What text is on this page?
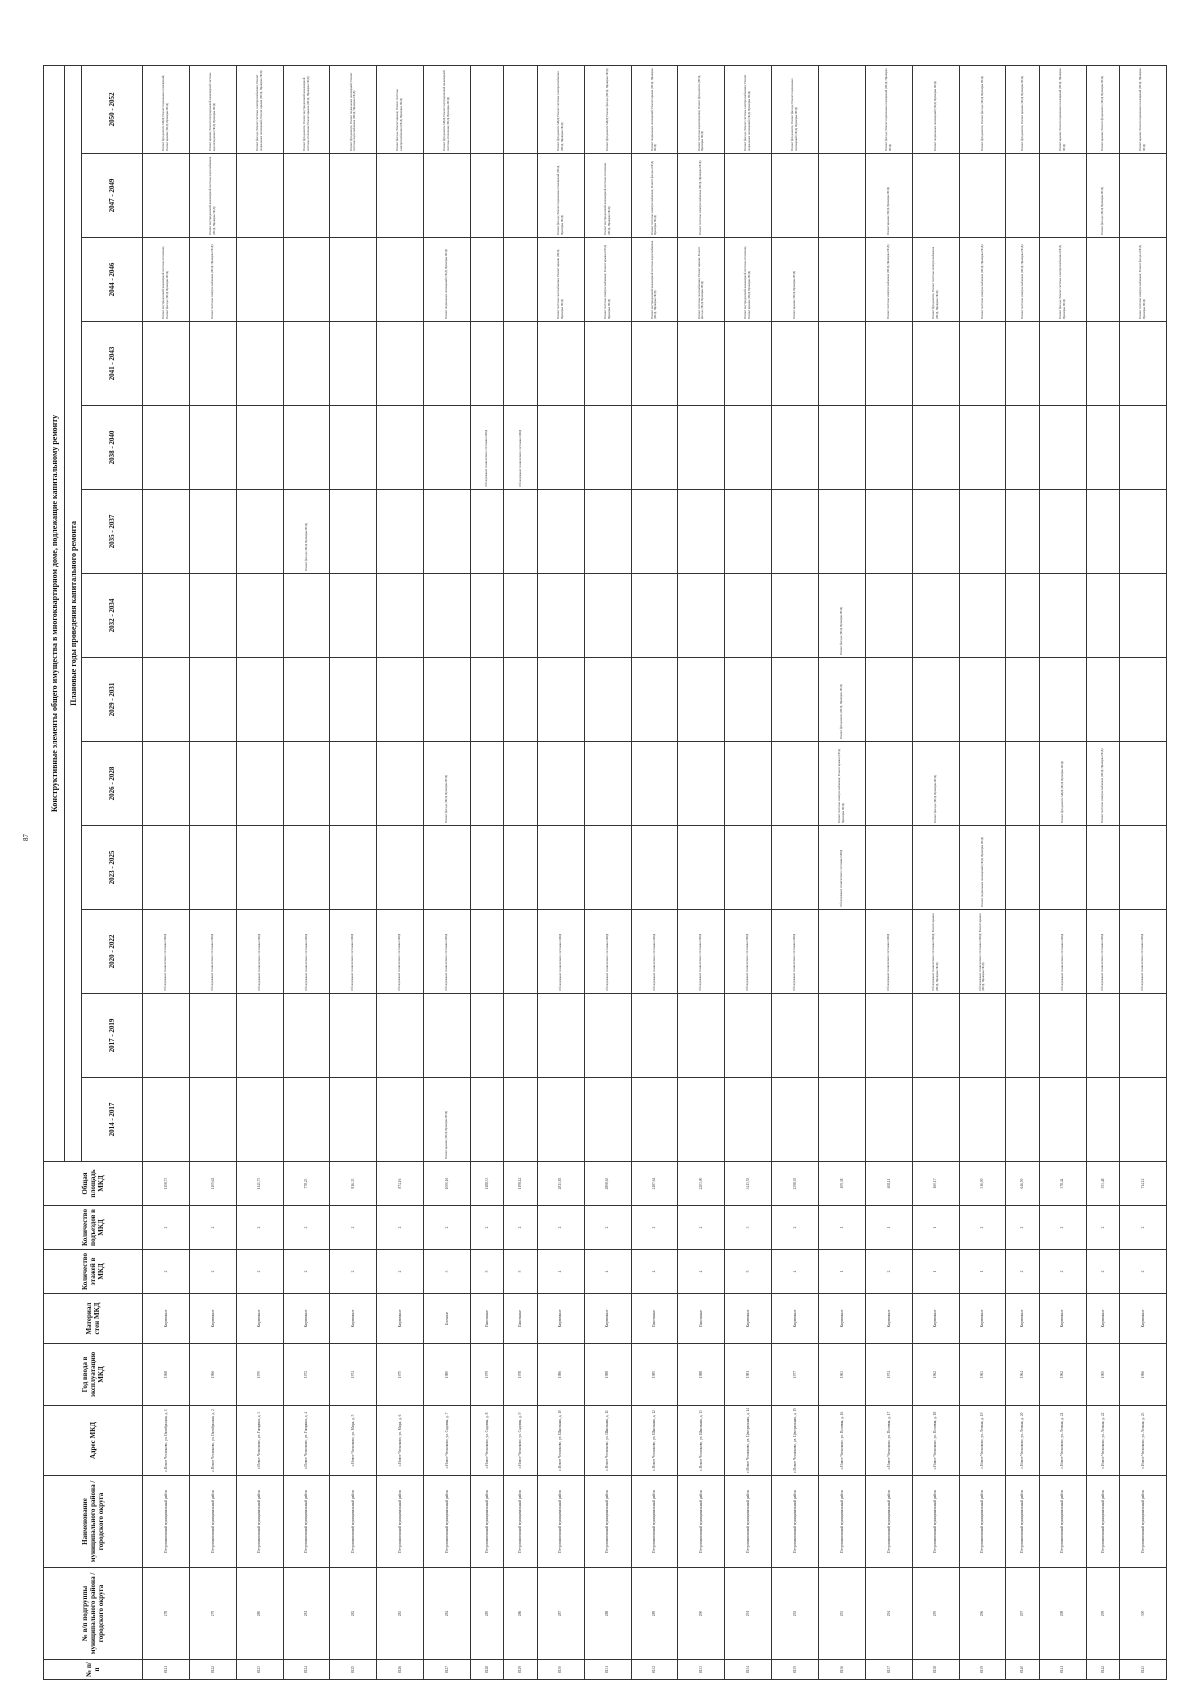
87
№ п/п	№ в/п подгруппы муниципального района / городского округа	Наименование муниципального района / городского округа	Адрес МКД	Год ввода в эксплуатацию МКД	Материал стен МКД	Количество этажей в МКД	Количество подъездов в МКД	Общая площадь МКД	Конструктивные элементы общего имущества в многоквартирном доме, подлежащие капитальному ремонту												
									Плановые годы проведения капитального ремонта												
									2014 - 2017	2017 - 2019	2020 - 2022	2023 - 2025	2026 - 2028	2029 - 2031	2032 - 2034	2035 - 2037	2038 - 2040	2041 - 2043	2044 - 2046	2047 - 2049	2050 - 2052
8121	278	Петропавловский муниципальный район	с.Новое Чесноково, ул. Октябрьская, д. 1	1968	Кирпичные	2	2	1158,73			Обследование технического состояния МКД								Ремонт внутридомовой инженерной системы отопления; Ремонт фасада (ПСД, Проверка ПСД)		Ремонт фундамента МКД; Ремонт подвальных помещений; Ремонт крыши (ПСД, Проверка ПСД)
8122	279	Петропавловский муниципальный район	с.Новое Чесноково, ул. Октябрьская, д. 2	1966	Кирпичные	2	2	1105,62			Обследование технического состояния МКД								Ремонт системы электроснабжения (ПСД, Проверка ПСД)	Ремонт внутридомовой инженерной системы водоснабжения (ПСД, Проверка ПСД)	Ремонт крыши; Ремонт внутридомовой инженерной системы водоотведения (ПСД, Проверка ПСД)
8123	280	Петропавловский муниципальный район	с.Новое Чесноково, ул. Гагарина, д. 3	1970	Кирпичные	2	2	1141,73			Обследование технического состояния МКД										Ремонт фасада; Ремонт системы электроснабжения; Ремонт подвальных помещений; Ремонт крыши (ПСД, Проверка ПСД)
8124	281	Петропавловский муниципальный район	с.Новое Чесноково, ул. Гагарина, д. 4	1972	Кирпичные	2	2	778,23			Обследование технического состояния МКД					Ремонт фасада (ПСД, Проверка ПСД)					Ремонт фундамента; Ремонт внутридомовой инженерной системы отопления; Ремонт крыши (ПСД, Проверка ПСД)
8125	282	Петропавловский муниципальный район	с.Новое Чесноково, ул. Мира, д. 5	1974	Кирпичные	2	2	816,33			Обследование технического состояния МКД										Ремонт фундамента; Ремонт подвальных помещений; Ремонт системы водоснабжения (ПСД, Проверка ПСД)
8126	283	Петропавловский муниципальный район	с.Новое Чесноково, ул. Мира, д. 6	1975	Кирпичные	2	2	874,16			Обследование технического состояния МКД										Ремонт фасада; Ремонт крыши; Ремонт системы электроснабжения (ПСД, Проверка ПСД)
8127	284	Петропавловский муниципальный район	с.Новое Чесноково, ул. Садовая, д. 7	1980	Блочные	3	2	1000,16	Ремонт крыши (ПСД, Проверка ПСД)		Обследование технического состояния МКД		Ремонт фасада (ПСД, Проверка ПСД)						Ремонт подвальных помещений (ПСД, Проверка ПСД)		Ремонт фундамента МКД; Ремонт внутридомовой инженерной системы отопления (ПСД, Проверка ПСД)
8128	285	Петропавловский муниципальный район	с.Новое Чесноково, ул. Садовая, д. 8	1979	Панельные	5	2	1188,33									Обследование технического состояния МКД				
8129	286	Петропавловский муниципальный район	с.Новое Чесноково, ул. Садовая, д. 9	1978	Панельные	5	2	1198,42									Обследование технического состояния МКД				
8130	287	Петропавловский муниципальный район	с.Новое Чесноково, ул. Школьная, д. 10	1986	Кирпичные	4	2	2813,83			Обследование технического состояния МКД								Ремонт системы газоснабжения; Ремонт крыши (ПСД, Проверка ПСД)	Ремонт фасада; Ремонт подвальных помещений (ПСД, Проверка ПСД)	Ремонт фундамента МКД; Ремонт системы электроснабжения (ПСД, Проверка ПСД)
8131	288	Петропавловский муниципальный район	с.Новое Чесноково, ул. Школьная, д. 11	1988	Кирпичные	4	2	2808,63			Обследование технического состояния МКД								Ремонт системы электроснабжения; Ремонт крыши (ПСД, Проверка ПСД)	Ремонт внутридомовой инженерной системы отопления (ПСД, Проверка ПСД)	Ремонт фундамента МКД; Ремонт фасада (ПСД, Проверка ПСД)
8132	289	Петропавловский муниципальный район	с.Новое Чесноково, ул. Школьная, д. 12	1985	Панельные	4	2	2187,64			Обследование технического состояния МКД								Ремонт внутридомовой инженерной системы водоснабжения (ПСД, Проверка ПСД)	Ремонт системы электроснабжения; Ремонт фасада (ПСД, Проверка ПСД)	Ремонт подвальных помещений; Ремонт крыши (ПСД, Проверка ПСД)
8133	290	Петропавловский муниципальный район	с.Новое Чесноково, ул. Школьная, д. 13	1988	Панельные	4	2	2203,00			Обследование технического состояния МКД								Ремонт системы газоснабжения; Ремонт крыши; Ремонт фасада (ПСД, Проверка ПСД)	Ремонт системы электроснабжения (ПСД, Проверка ПСД)	Ремонт системы водоотведения; Ремонт фундамента (ПСД, Проверка ПСД)
8134	291	Петропавловский муниципальный район	с.Новое Чесноково, ул. Центральная, д. 14	1981	Кирпичные	5	3	3413,53			Обследование технического состояния МКД								Ремонт внутридомовой инженерной системы отопления; Ремонт крыши (ПСД, Проверка ПСД)		Ремонт фасада; Ремонт системы электроснабжения; Ремонт подвальных помещений (ПСД, Проверка ПСД)
8135	292	Петропавловский муниципальный район	с.Новое Чесноково, ул. Центральная, д. 15	1977	Кирпичные	4	2	2398,03			Обследование технического состояния МКД								Ремонт крыши (ПСД, Проверка ПСД)		Ремонт фундамента; Ремонт фасада; Ремонт подвальных помещений (ПСД, Проверка ПСД)
8136	293	Петропавловский муниципальный район	с.Новое Чесноково, ул. Полевая, д. 16	1963	Кирпичные	1	1	109,38				Обследование технического состояния МКД	Ремонт системы электроснабжения; Ремонт крыши (ПСД, Проверка ПСД)	Ремонт фундамента (ПСД, Проверка ПСД)	Ремонт фасада (ПСД, Проверка ПСД)						
8137	294	Петропавловский муниципальный район	с.Новое Чесноково, ул. Полевая, д. 17	1974	Кирпичные	2	1	408,11			Обследование технического состояния МКД								Ремонт системы электроснабжения (ПСД, Проверка ПСД)	Ремонт крыши (ПСД, Проверка ПСД)	Ремонт фасада; Ремонт подвальных помещений (ПСД, Проверка ПСД)
8138	295	Петропавловский муниципальный район	с.Новое Чесноково, ул. Полевая, д. 18	1962	Кирпичные	1	1	160,17			Обследование технического состояния МКД; Ремонт крыши (ПСД, Проверка ПСД)		Ремонт фасада (ПСД, Проверка ПСД)						Ремонт фундамента; Ремонт системы электроснабжения (ПСД, Проверка ПСД)		Ремонт подвальных помещений (ПСД, Проверка ПСД)
8139	296	Петропавловский муниципальный район	с.Новое Чесноково, ул. Лесная, д. 19	1963	Кирпичные	1	2	316,00			Обследование технического состояния МКД; Ремонт крыши (ПСД, Проверка ПСД)	Ремонт подвальных помещений (ПСД, Проверка ПСД)							Ремонт системы электроснабжения (ПСД, Проверка ПСД)		Ремонт фундамента; Ремонт фасада (ПСД, Проверка ПСД)
8140	297	Петропавловский муниципальный район	с.Новое Чесноково, ул. Лесная, д. 20	1964	Кирпичные	2	2	646,50											Ремонт системы электроснабжения (ПСД, Проверка ПСД)		Ремонт фундамента; Ремонт крыши (ПСД, Проверка ПСД)
8141	298	Петропавловский муниципальный район	с.Новое Чесноково, ул. Лесная, д. 21	1962	Кирпичные	2	2	378,44			Обследование технического состояния МКД		Ремонт фундамента МКД (ПСД, Проверка ПСД)						Ремонт фасада; Ремонт системы электроснабжения (ПСД, Проверка ПСД)		Ремонт крыши; Ремонт подвальных помещений (ПСД, Проверка ПСД)
8142	299	Петропавловский муниципальный район	с.Новое Чесноково, ул. Лесная, д. 22	1965	Кирпичные	2	2	353,48			Обследование технического состояния МКД		Ремонт системы электроснабжения (ПСД, Проверка ПСД)							Ремонт фасада (ПСД, Проверка ПСД)	Ремонт крыши; Ремонт фундамента (ПСД, Проверка ПСД)
8143	300	Петропавловский муниципальный район	с.Новое Чесноково, ул. Лесная, д. 23	1966	Кирпичные	2	2	714,12			Обследование технического состояния МКД								Ремонт системы электроснабжения; Ремонт фасада (ПСД, Проверка ПСД)		Ремонт крыши; Ремонт подвальных помещений (ПСД, Проверка ПСД)
